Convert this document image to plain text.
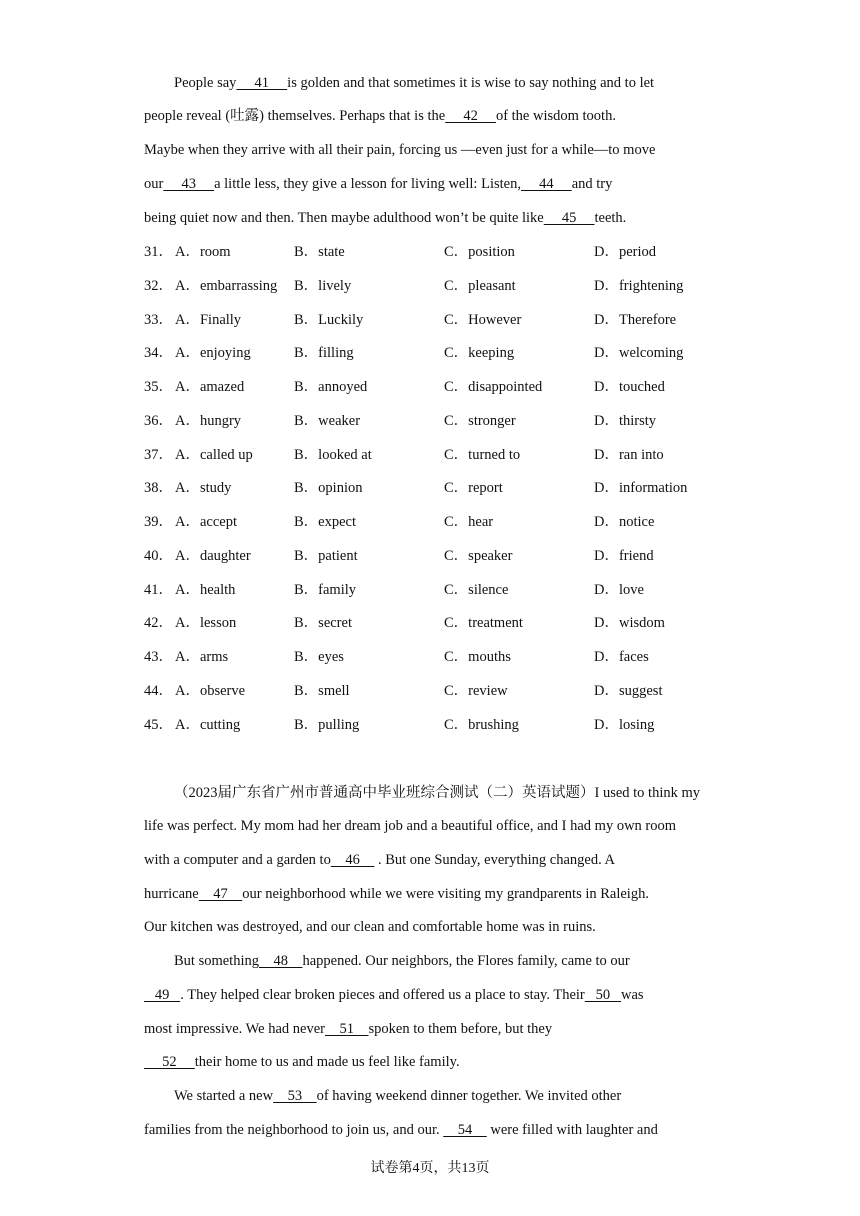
People say     41     is golden and that sometimes it is wise to say nothing and to let
people reveal (吐露) themselves. Perhaps that is the     42     of the wisdom tooth.
Maybe when they arrive with all their pain, forcing us —even just for a while—to move
our     43     a little less, they give a lesson for living well: Listen,     44     and try
being quiet now and then. Then maybe adulthood won’t be quite like     45     teeth.
31． A．room	B．state	C．position	D．period
32． A．embarrassing B．lively	C．pleasant	D．frightening
33． A．Finally	B．Luckily	C．However	D．Therefore
34． A．enjoying	B．filling	C．keeping	D．welcoming
35． A．amazed	B．annoyed	C．disappointed	D．touched
36． A．hungry	B．weaker	C．stronger	D．thirsty
37． A．called up	B．looked at	C．turned to	D．ran into
38． A．study	B．opinion	C．report	D．information
39． A．accept	B．expect	C．hear	D．notice
40． A．daughter	B．patient	C．speaker	D．friend
41． A．health	B．family	C．silence	D．love
42． A．lesson	B．secret	C．treatment	D．wisdom
43． A．arms	B．eyes	C．mouths	D．faces
44． A．observe	B．smell	C．review	D．suggest
45． A．cutting	B．pulling	C．brushing	D．losing
（2023届广东省广州市普通高中毕业班综合测试（二）英语试题）I used to think my
life was perfect. My mom had her dream job and a beautiful office, and I had my own room
with a computer and a garden to    46     . But one Sunday, everything changed. A
hurricane    47    our neighborhood while we were visiting my grandparents in Raleigh.
Our kitchen was destroyed, and our clean and comfortable home was in ruins.
But something    48    happened. Our neighbors, the Flores family, came to our
49   . They helped clear broken pieces and offered us a place to stay. Their   50   was
most impressive. We had never    51    spoken to them before, but they
52     their home to us and made us feel like family.
We started a new    53    of having weekend dinner together. We invited other
families from the neighborhood to join us, and our.     54     were filled with laughter and
试卷第4页，共13页
